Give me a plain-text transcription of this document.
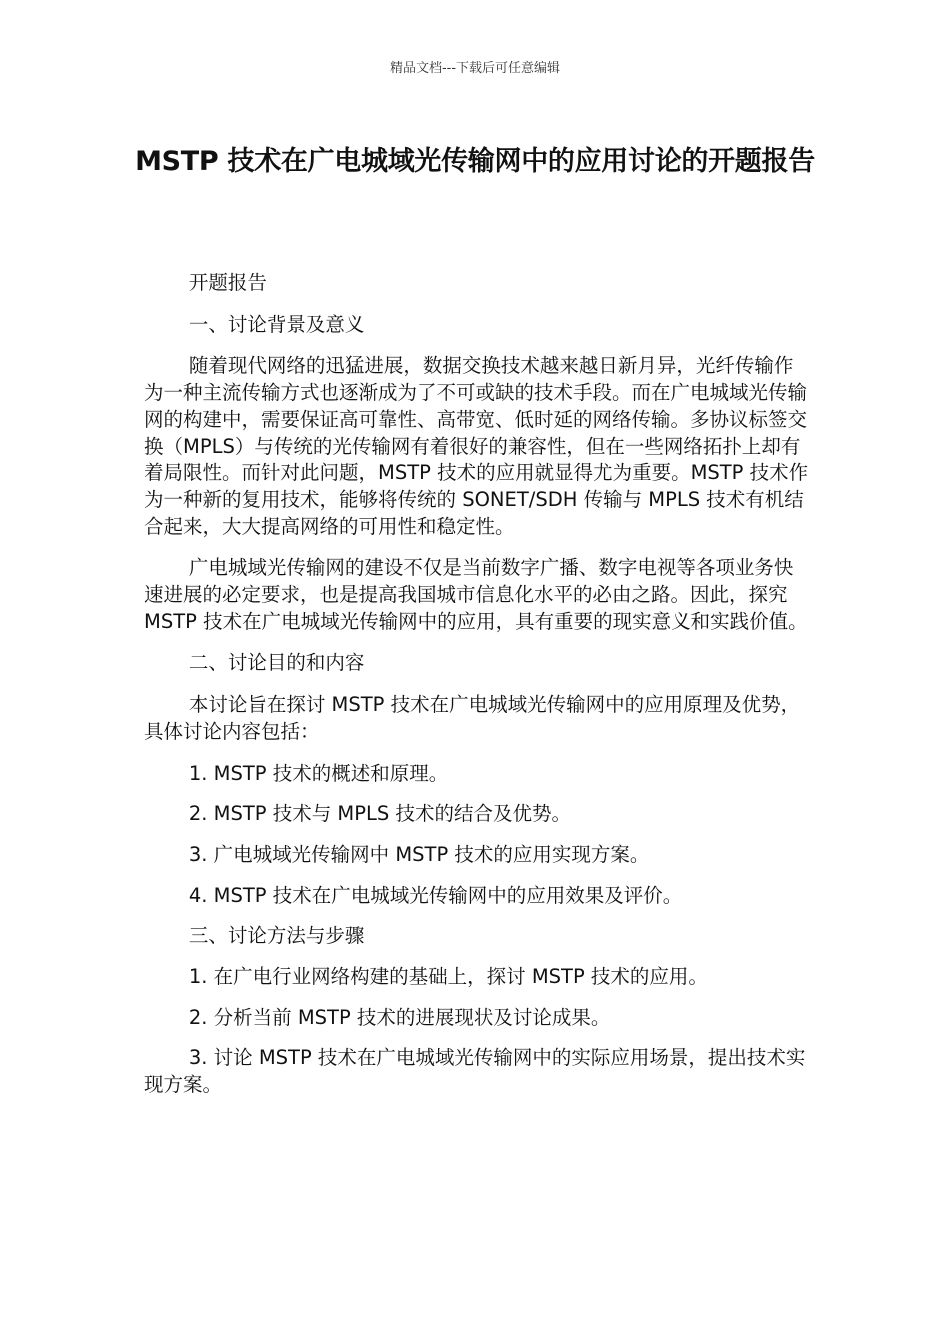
精品文档---下载后可任意编辑
MSTP 技术在广电城域光传输网中的应用讨论的开题报告

开题报告

一、讨论背景及意义

随着现代网络的迅猛进展，数据交换技术越来越日新月异，光纤传输作为一种主流传输方式也逐渐成为了不可或缺的技术手段。而在广电城域光传输网的构建中，需要保证高可靠性、高带宽、低时延的网络传输。多协议标签交换（MPLS）与传统的光传输网有着很好的兼容性，但在一些网络拓扑上却有着局限性。而针对此问题，MSTP 技术的应用就显得尤为重要。MSTP 技术作为一种新的复用技术，能够将传统的 SONET/SDH 传输与 MPLS 技术有机结合起来，大大提高网络的可用性和稳定性。

广电城域光传输网的建设不仅是当前数字广播、数字电视等各项业务快速进展的必定要求，也是提高我国城市信息化水平的必由之路。因此，探究 MSTP 技术在广电城域光传输网中的应用，具有重要的现实意义和实践价值。

二、讨论目的和内容

本讨论旨在探讨 MSTP 技术在广电城域光传输网中的应用原理及优势，具体讨论内容包括：

1. MSTP 技术的概述和原理。

2. MSTP 技术与 MPLS 技术的结合及优势。

3. 广电城域光传输网中 MSTP 技术的应用实现方案。

4. MSTP 技术在广电城域光传输网中的应用效果及评价。

三、讨论方法与步骤

1. 在广电行业网络构建的基础上，探讨 MSTP 技术的应用。

2. 分析当前 MSTP 技术的进展现状及讨论成果。

3. 讨论 MSTP 技术在广电城域光传输网中的实际应用场景，提出技术实现方案。
